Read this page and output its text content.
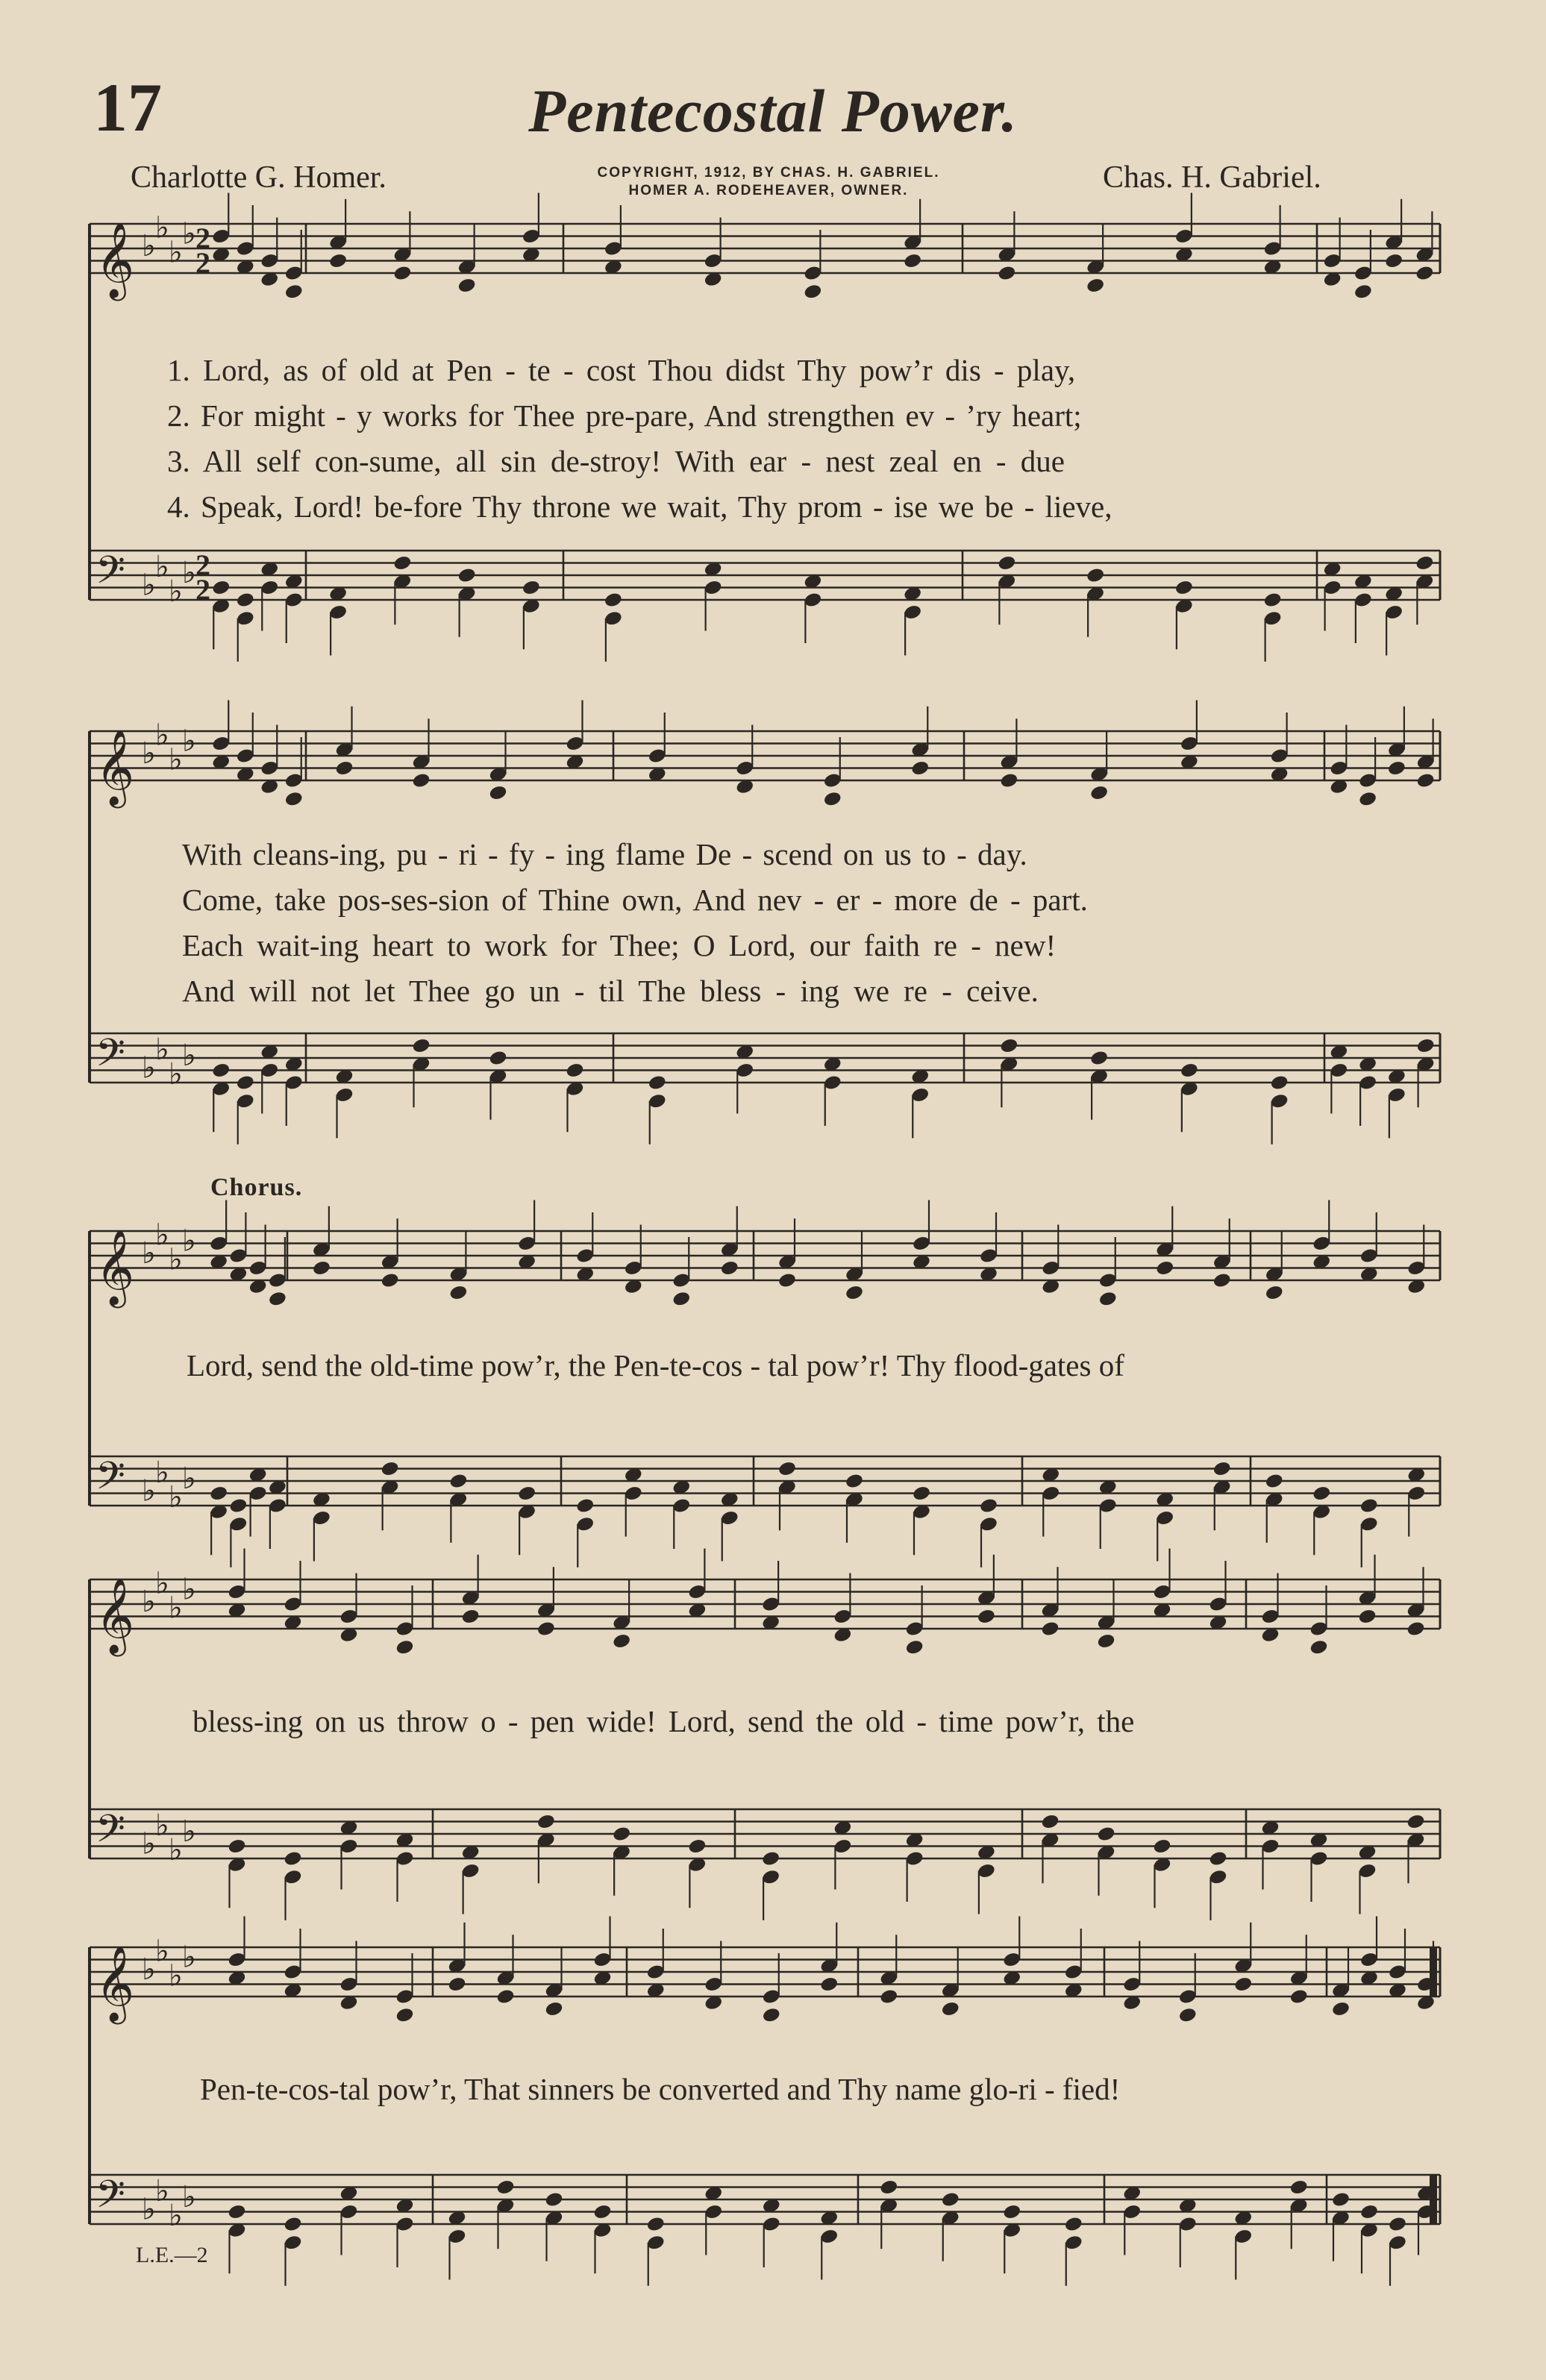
𝄞 ♭
♭
♭
♭
𝄢 ♭
♭
♭
♭
2
2
2
2
𝄞 ♭
♭
♭
♭
𝄢 ♭
♭
♭
♭
𝄞 ♭
♭
♭
♭
𝄢 ♭
♭
♭
♭
𝄞 ♭
♭
♭
♭
𝄢 ♭
♭
♭
♭
𝄞 ♭
♭
♭
♭
𝄢 ♭
♭
♭
♭
17	Pentecostal Power.
Charlotte G. Homer.	COPYRIGHT, 1912, BY CHAS. H. GABRIEL.
HOMER A. RODEHEAVER, OWNER.	Chas. H. Gabriel.
1. Lord, as of old at Pen - te - cost Thou didst Thy pow’r dis - play,
2. For might - y works for Thee pre-pare, And strengthen ev - ’ry heart;
3. All self con-sume, all sin de-stroy! With ear - nest zeal en - due
4. Speak, Lord! be-fore Thy throne we wait, Thy prom - ise we be - lieve,
With cleans-ing, pu - ri - fy - ing flame De - scend on us to - day.
Come, take pos-ses-sion of Thine own, And nev - er - more de - part.
Each wait-ing heart to work for Thee; O Lord, our faith re - new!
And will not let Thee go un - til The bless - ing we re - ceive.
Chorus.
Lord, send the old-time pow’r, the Pen-te-cos - tal pow’r! Thy flood-gates of
bless-ing on us throw o - pen wide! Lord, send the old - time pow’r, the
Pen-te-cos-tal pow’r, That sinners be converted and Thy name glo-ri - fied!
L.E.—2
